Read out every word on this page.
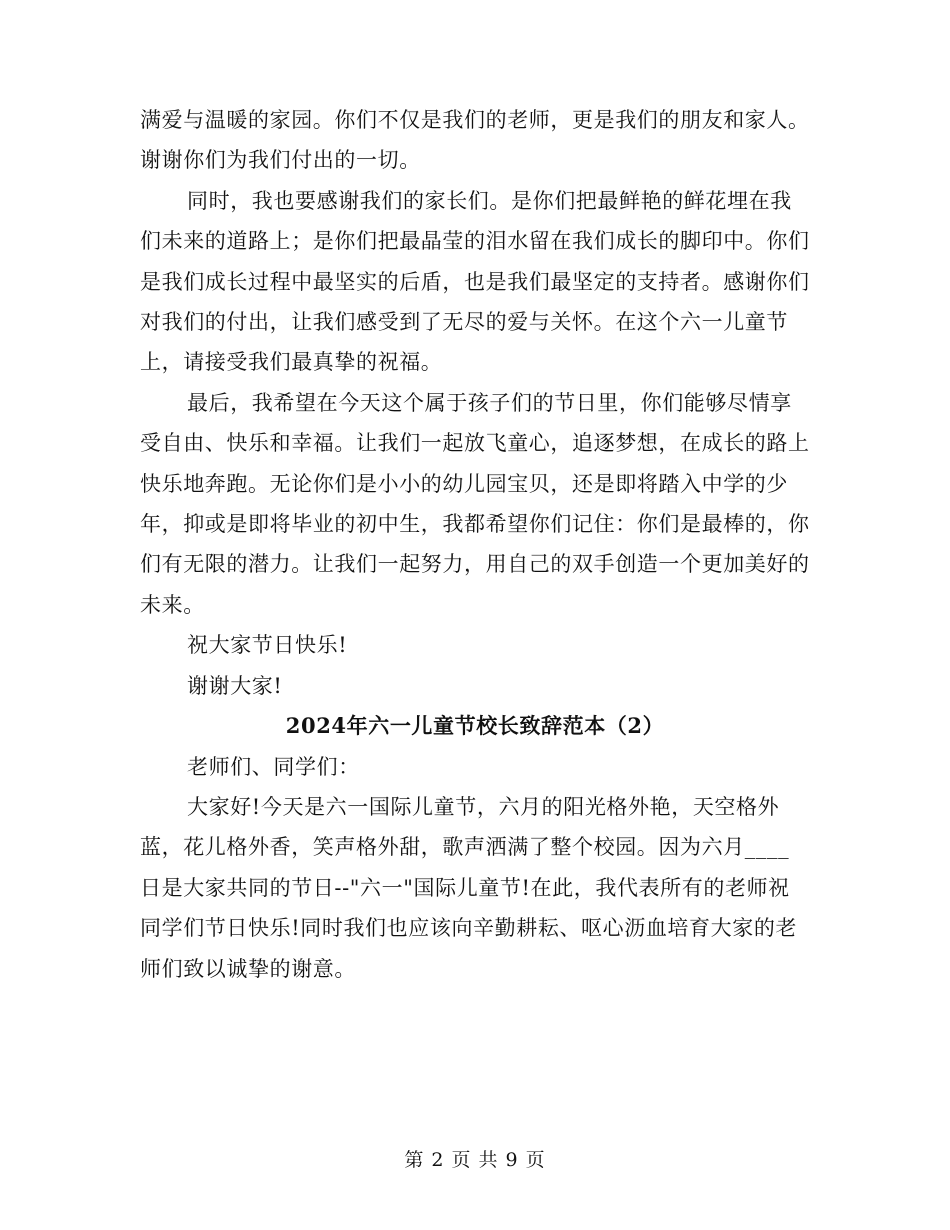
满爱与温暖的家园。你们不仅是我们的老师，更是我们的朋友和家人。谢谢你们为我们付出的一切。

同时，我也要感谢我们的家长们。是你们把最鲜艳的鲜花埋在我们未来的道路上；是你们把最晶莹的泪水留在我们成长的脚印中。你们是我们成长过程中最坚实的后盾，也是我们最坚定的支持者。感谢你们对我们的付出，让我们感受到了无尽的爱与关怀。在这个六一儿童节上，请接受我们最真挚的祝福。

最后，我希望在今天这个属于孩子们的节日里，你们能够尽情享受自由、快乐和幸福。让我们一起放飞童心，追逐梦想，在成长的路上快乐地奔跑。无论你们是小小的幼儿园宝贝，还是即将踏入中学的少年，抑或是即将毕业的初中生，我都希望你们记住：你们是最棒的，你们有无限的潜力。让我们一起努力，用自己的双手创造一个更加美好的未来。

祝大家节日快乐!

谢谢大家!

2024年六一儿童节校长致辞范本（2）

老师们、同学们：

大家好!今天是六一国际儿童节，六月的阳光格外艳，天空格外蓝，花儿格外香，笑声格外甜，歌声洒满了整个校园。因为六月____日是大家共同的节日--"六一"国际儿童节!在此，我代表所有的老师祝同学们节日快乐!同时我们也应该向辛勤耕耘、呕心沥血培育大家的老师们致以诚挚的谢意。

第 2 页 共 9 页
